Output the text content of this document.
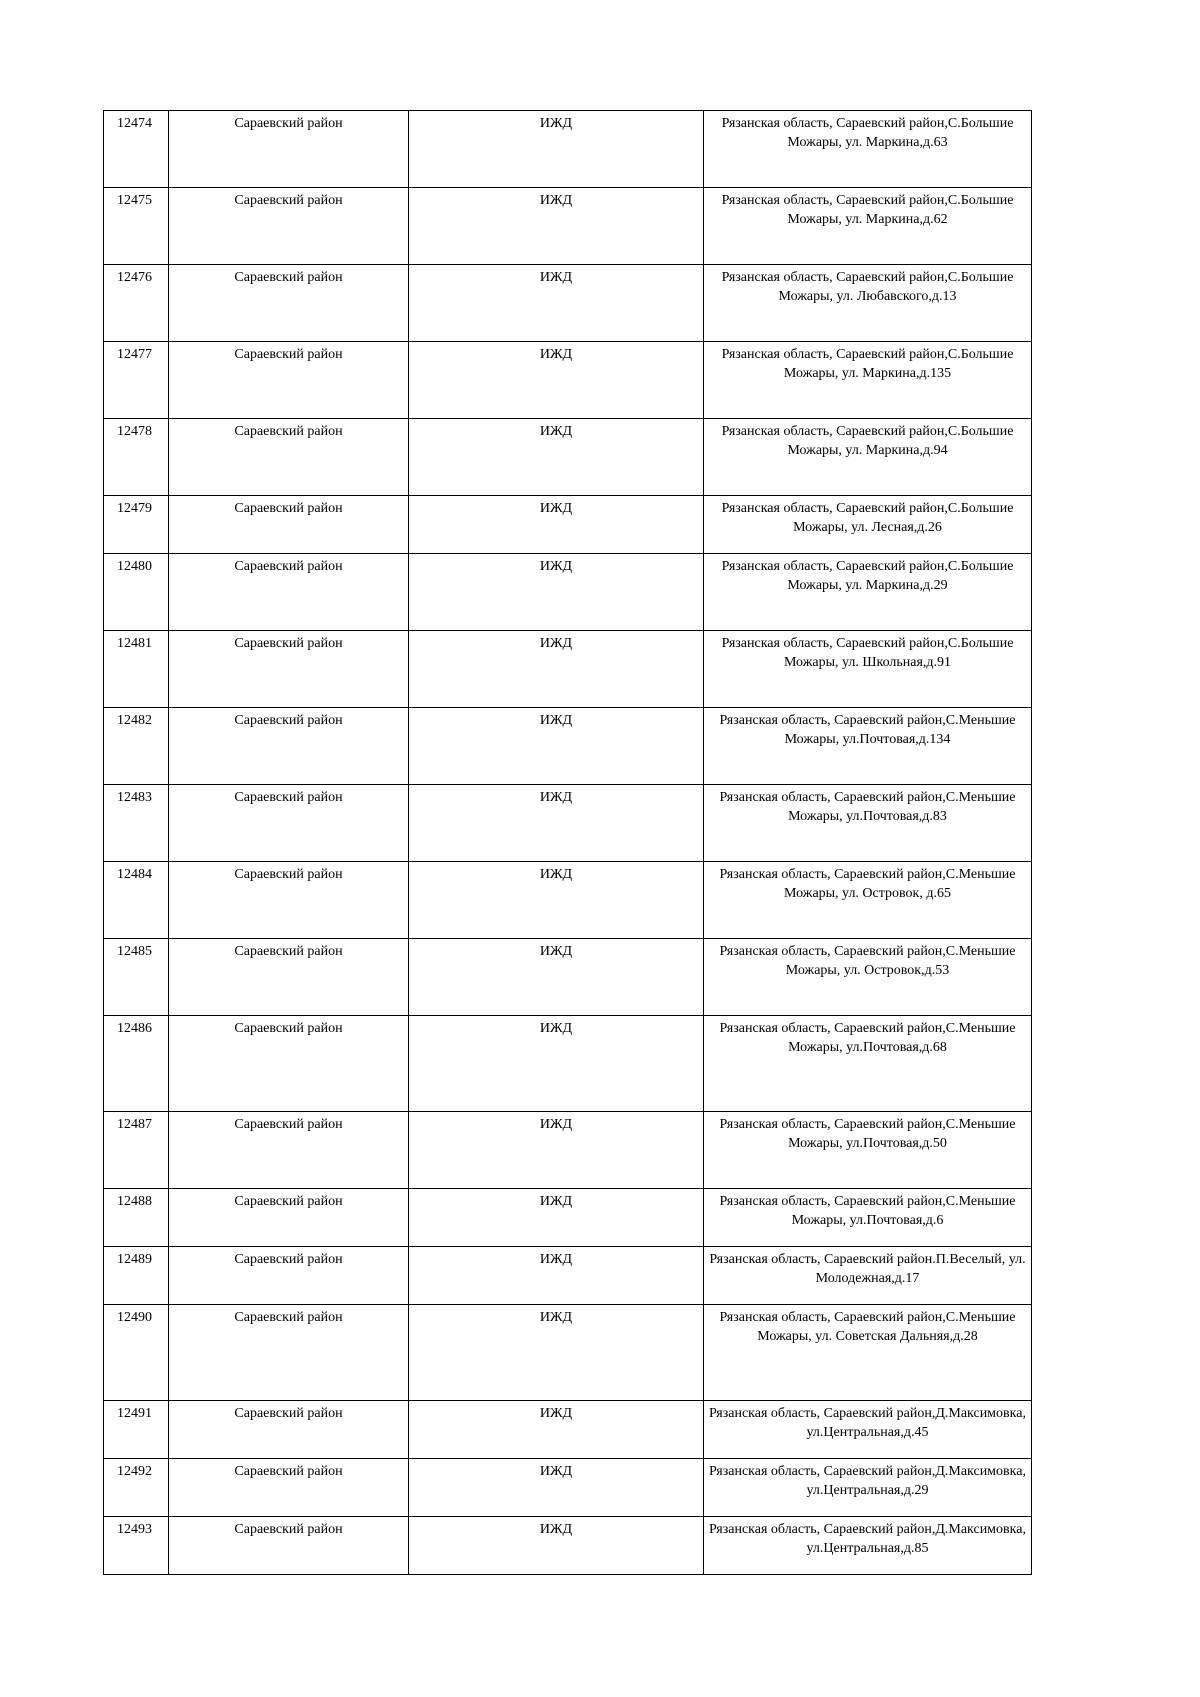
12474	Сараевский район	ИЖД	Рязанская область, Сараевский район,С.Большие Можары, ул. Маркина,д.63
12475	Сараевский район	ИЖД	Рязанская область, Сараевский район,С.Большие Можары, ул. Маркина,д.62
12476	Сараевский район	ИЖД	Рязанская область, Сараевский район,С.Большие Можары, ул. Любавского,д.13
12477	Сараевский район	ИЖД	Рязанская область, Сараевский район,С.Большие Можары, ул. Маркина,д.135
12478	Сараевский район	ИЖД	Рязанская область, Сараевский район,С.Большие Можары, ул. Маркина,д.94
12479	Сараевский район	ИЖД	Рязанская область, Сараевский район,С.Большие Можары, ул. Лесная,д.26
12480	Сараевский район	ИЖД	Рязанская область, Сараевский район,С.Большие Можары, ул. Маркина,д.29
12481	Сараевский район	ИЖД	Рязанская область, Сараевский район,С.Большие Можары, ул. Школьная,д.91
12482	Сараевский район	ИЖД	Рязанская область, Сараевский район,С.Меньшие Можары, ул.Почтовая,д.134
12483	Сараевский район	ИЖД	Рязанская область, Сараевский район,С.Меньшие Можары, ул.Почтовая,д.83
12484	Сараевский район	ИЖД	Рязанская область, Сараевский район,С.Меньшие Можары, ул. Островок, д.65
12485	Сараевский район	ИЖД	Рязанская область, Сараевский район,С.Меньшие Можары, ул. Островок,д.53
12486	Сараевский район	ИЖД	Рязанская область, Сараевский район,С.Меньшие Можары, ул.Почтовая,д.68
12487	Сараевский район	ИЖД	Рязанская область, Сараевский район,С.Меньшие Можары, ул.Почтовая,д.50
12488	Сараевский район	ИЖД	Рязанская область, Сараевский район,С.Меньшие Можары, ул.Почтовая,д.6
12489	Сараевский район	ИЖД	Рязанская область, Сараевский район.П.Веселый, ул. Молодежная,д.17
12490	Сараевский район	ИЖД	Рязанская область, Сараевский район,С.Меньшие Можары, ул. Советская Дальняя,д.28
12491	Сараевский район	ИЖД	Рязанская область, Сараевский район,Д.Максимовка, ул.Центральная,д.45
12492	Сараевский район	ИЖД	Рязанская область, Сараевский район,Д.Максимовка, ул.Центральная,д.29
12493	Сараевский район	ИЖД	Рязанская область, Сараевский район,Д.Максимовка, ул.Центральная,д.85
